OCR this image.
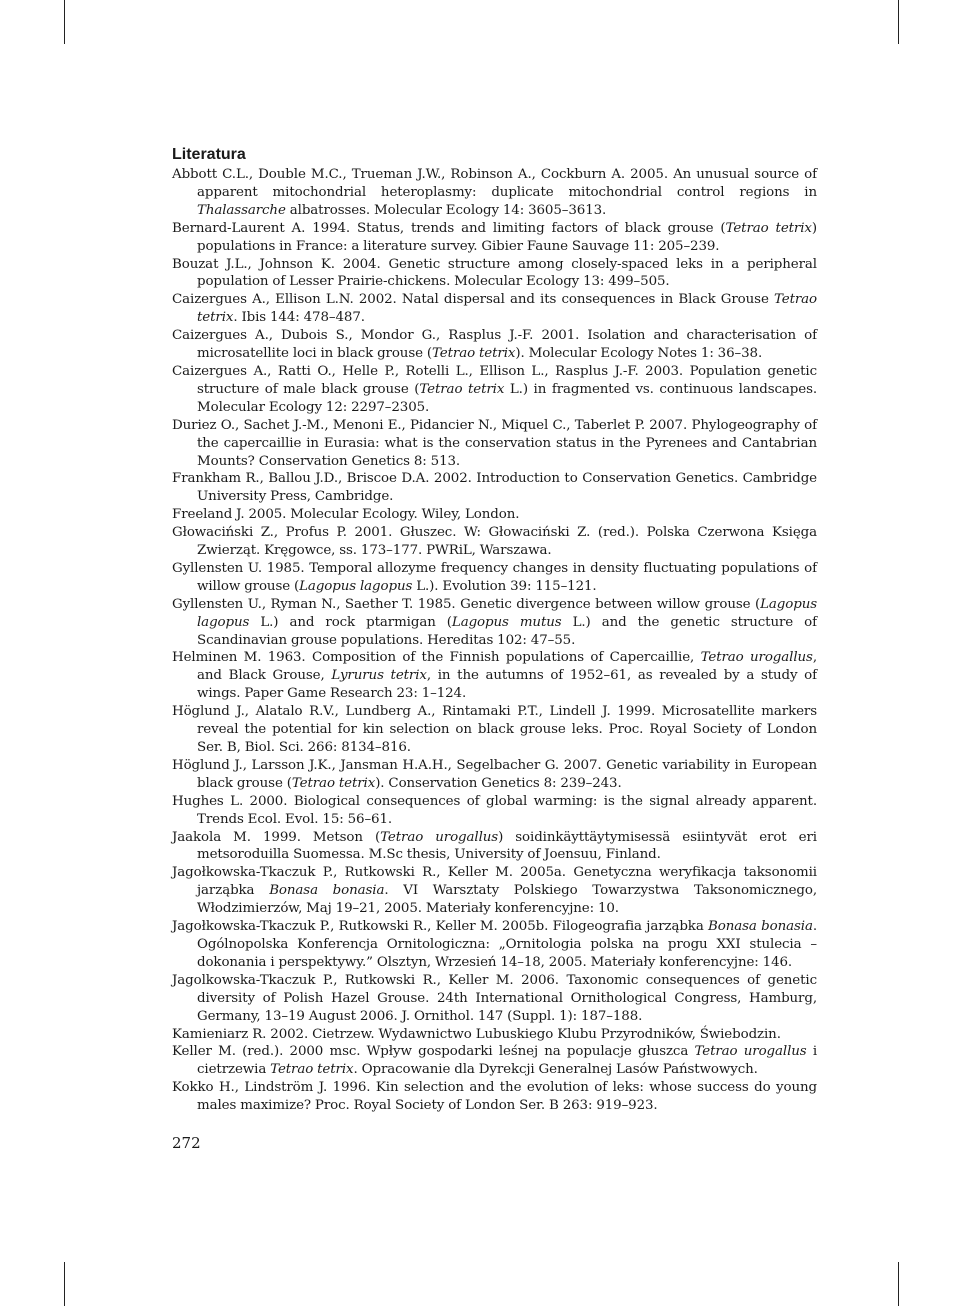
Literatura

Abbott C.L., Double M.C., Trueman J.W., Robinson A., Cockburn A. 2005. An unusual source of apparent mitochondrial heteroplasmy: duplicate mitochondrial control regions in Thalassarche albatrosses. Molecular Ecology 14: 3605–3613.

Bernard-Laurent A. 1994. Status, trends and limiting factors of black grouse (Tetrao tetrix) populations in France: a literature survey. Gibier Faune Sauvage 11: 205–239.

Bouzat J.L., Johnson K. 2004. Genetic structure among closely-spaced leks in a peripheral population of Lesser Prairie-chickens. Molecular Ecology 13: 499–505.

Caizergues A., Ellison L.N. 2002. Natal dispersal and its consequences in Black Grouse Tetrao tetrix. Ibis 144: 478–487.

Caizergues A., Dubois S., Mondor G., Rasplus J.-F. 2001. Isolation and characterisation of microsatellite loci in black grouse (Tetrao tetrix). Molecular Ecology Notes 1: 36–38.

Caizergues A., Ratti O., Helle P., Rotelli L., Ellison L., Rasplus J.-F. 2003. Population genetic structure of male black grouse (Tetrao tetrix L.) in fragmented vs. continuous landscapes. Molecular Ecology 12: 2297–2305.

Duriez O., Sachet J.-M., Menoni E., Pidancier N., Miquel C., Taberlet P. 2007. Phylogeography of the capercaillie in Eurasia: what is the conservation status in the Pyrenees and Cantabrian Mounts? Conservation Genetics 8: 513.

Frankham R., Ballou J.D., Briscoe D.A. 2002. Introduction to Conservation Genetics. Cambridge University Press, Cambridge.

Freeland J. 2005. Molecular Ecology. Wiley, London.

Głowaciński Z., Profus P. 2001. Głuszec. W: Głowaciński Z. (red.). Polska Czerwona Księga Zwierząt. Kręgowce, ss. 173–177. PWRiL, Warszawa.

Gyllensten U. 1985. Temporal allozyme frequency changes in density fluctuating populations of willow grouse (Lagopus lagopus L.). Evolution 39: 115–121.

Gyllensten U., Ryman N., Saether T. 1985. Genetic divergence between willow grouse (Lagopus lagopus L.) and rock ptarmigan (Lagopus mutus L.) and the genetic structure of Scandinavian grouse populations. Hereditas 102: 47–55.

Helminen M. 1963. Composition of the Finnish populations of Capercaillie, Tetrao urogallus, and Black Grouse, Lyrurus tetrix, in the autumns of 1952–61, as revealed by a study of wings. Paper Game Research 23: 1–124.

Höglund J., Alatalo R.V., Lundberg A., Rintamaki P.T., Lindell J. 1999. Microsatellite markers reveal the potential for kin selection on black grouse leks. Proc. Royal Society of London Ser. B, Biol. Sci. 266: 8134–816.

Höglund J., Larsson J.K., Jansman H.A.H., Segelbacher G. 2007. Genetic variability in European black grouse (Tetrao tetrix). Conservation Genetics 8: 239–243.

Hughes L. 2000. Biological consequences of global warming: is the signal already apparent. Trends Ecol. Evol. 15: 56–61.

Jaakola M. 1999. Metson (Tetrao urogallus) soidinkäyttäytymisessä esiintyvät erot eri metsoroduilla Suomessa. M.Sc thesis, University of Joensuu, Finland.

Jagołkowska-Tkaczuk P., Rutkowski R., Keller M. 2005a. Genetyczna weryfikacja taksonomii jarząbka Bonasa bonasia. VI Warsztaty Polskiego Towarzystwa Taksonomicznego, Włodzimierzów, Maj 19–21, 2005. Materiały konferencyjne: 10.

Jagołkowska-Tkaczuk P., Rutkowski R., Keller M. 2005b. Filogeografia jarząbka Bonasa bonasia. Ogólnopolska Konferencja Ornitologiczna: „Ornitologia polska na progu XXI stulecia – dokonania i perspektywy.” Olsztyn, Wrzesień 14–18, 2005. Materiały konferencyjne: 146.

Jagolkowska-Tkaczuk P., Rutkowski R., Keller M. 2006. Taxonomic consequences of genetic diversity of Polish Hazel Grouse. 24th International Ornithological Congress, Hamburg, Germany, 13–19 August 2006. J. Ornithol. 147 (Suppl. 1): 187–188.

Kamieniarz R. 2002. Cietrzew. Wydawnictwo Lubuskiego Klubu Przyrodników, Świebodzin.

Keller M. (red.). 2000 msc. Wpływ gospodarki leśnej na populacje głuszca Tetrao urogallus i cietrzewia Tetrao tetrix. Opracowanie dla Dyrekcji Generalnej Lasów Państwowych.

Kokko H., Lindström J. 1996. Kin selection and the evolution of leks: whose success do young males maximize? Proc. Royal Society of London Ser. B 263: 919–923.

272
